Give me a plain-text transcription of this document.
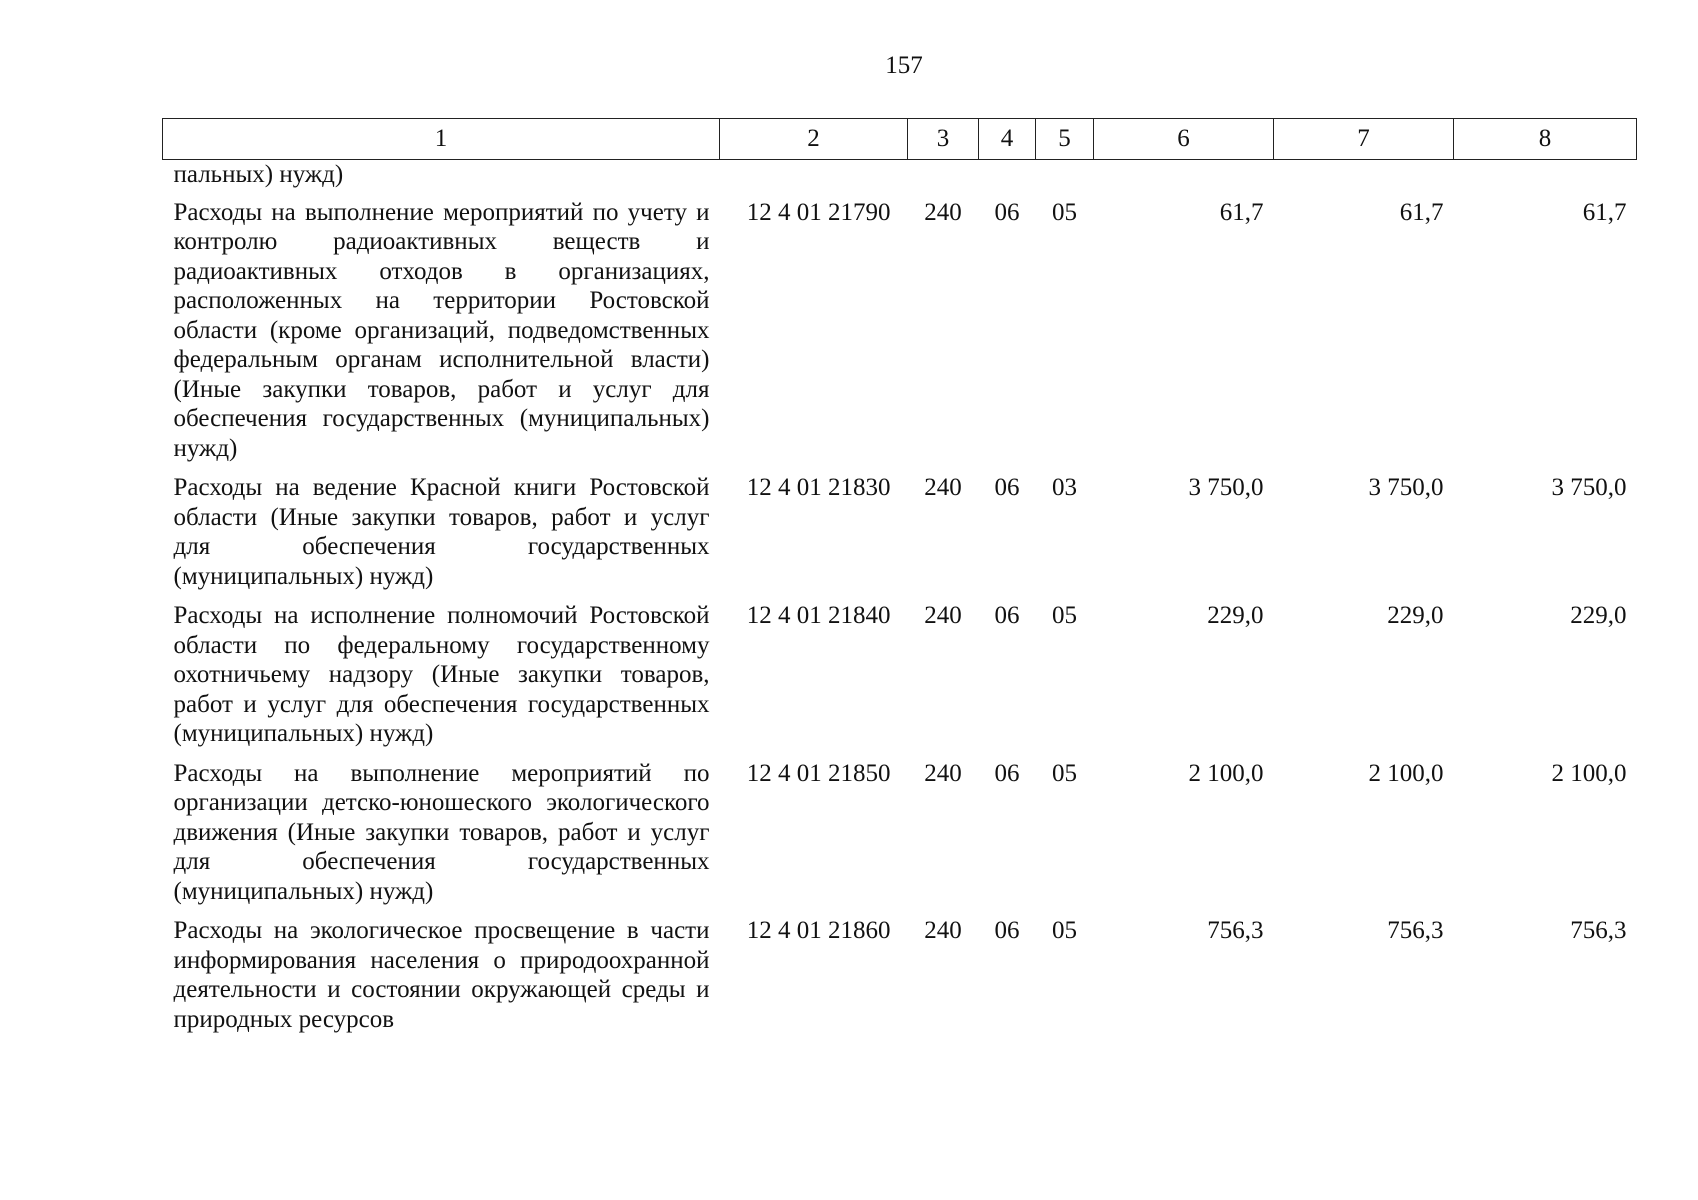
157
1	2	3	4	5	6	7	8
пальных) нужд)							
Расходы на выполнение мероприятий по учету и контролю радиоактивных веществ и радиоактивных отходов в организациях, расположенных на территории Ростовской области (кроме организаций, подведомственных федеральным органам исполнительной власти) (Иные закупки товаров, работ и услуг для обеспечения государственных (муниципальных) нужд)	12 4 01 21790	240	06	05	61,7	61,7	61,7
Расходы на ведение Красной книги Ростовской области (Иные закупки товаров, работ и услуг для обеспечения государственных (муниципальных) нужд)	12 4 01 21830	240	06	03	3 750,0	3 750,0	3 750,0
Расходы на исполнение полномочий Ростовской области по федеральному государственному охотничьему надзору (Иные закупки товаров, работ и услуг для обеспечения государственных (муниципальных) нужд)	12 4 01 21840	240	06	05	229,0	229,0	229,0
Расходы на выполнение мероприятий по организации детско-юношеского экологического движения (Иные закупки товаров, работ и услуг для обеспечения государственных (муниципальных) нужд)	12 4 01 21850	240	06	05	2 100,0	2 100,0	2 100,0
Расходы на экологическое просвещение в части информирования населения о природоохранной деятельности и состоянии окружающей среды и природных ресурсов	12 4 01 21860	240	06	05	756,3	756,3	756,3
